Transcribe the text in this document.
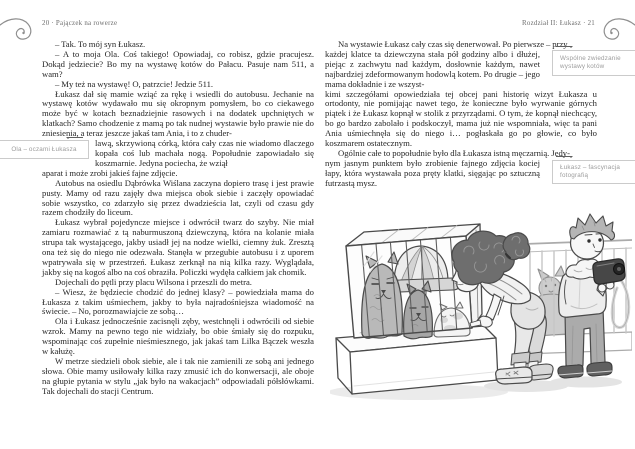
20 · Pajączek na rowerze	Rozdział II: Łukasz · 21

– Tak. To mój syn Łukasz.

– A to moja Ola. Coś takiego! Opowiadaj, co robisz, gdzie pracujesz. Dokąd jedziecie? Bo my na wystawę kotów do Pałacu. Pasuje nam 511, a wam?

– My też na wystawę! O, patrzcie! Jedzie 511.

Łukasz dał się mamie wziąć za rękę i wsiedli do autobusu. Jechanie na wystawę kotów wydawało mu się okropnym pomysłem, bo co ciekawego może być w kotach beznadziejnie rasowych i na dodatek upchniętych w klatkach? Samo chodzenie z mamą po tak nudnej wystawie było prawie nie do zniesienia, a teraz jeszcze jakaś tam Ania, i to z chuder-

lawą, skrzywioną córką, która cały czas nie wiadomo dlaczego kopała coś lub machała nogą. Popołudnie zapowiadało się koszmarnie. Jedyna pociecha, że wziął
Ola – oczami Łukasza

aparat i może zrobi jakieś fajne zdjęcie.

Autobus na osiedlu Dąbrówka Wiślana zaczyna dopiero trasę i jest prawie pusty. Mamy od razu zajęły dwa miejsca obok siebie i zaczęły opowiadać sobie wszystko, co zdarzyło się przez dwadzieścia lat, czyli od czasu gdy razem chodziły do liceum.

Łukasz wybrał pojedyncze miejsce i odwrócił twarz do szyby. Nie miał zamiaru rozmawiać z tą naburmuszoną dziewczyną, która na kolanie miała strupa tak wystającego, jakby usiadł jej na nodze wielki, ciemny żuk. Zresztą ona też się do niego nie odezwała. Stanęła w przegubie autobusu i z uporem wpatrywała się w przestrzeń. Łukasz zerknął na nią kilka razy. Wyglądała, jakby się na kogoś albo na coś obraziła. Policzki wydęła całkiem jak chomik.

Dojechali do pętli przy placu Wilsona i przeszli do metra.

– Wiesz, że będziecie chodzić do jednej klasy? – powiedziała mama do Łukasza z takim uśmiechem, jakby to była najradośniejsza wiadomość na świecie. – No, porozmawiajcie ze sobą…

Ola i Łukasz jednocześnie zacisnęli zęby, westchnęli i odwrócili od siebie wzrok. Mamy na pewno tego nie widziały, bo obie śmiały się do rozpuku, wspominając coś zupełnie nieśmiesznego, jak jakaś tam Lilka Bączek weszła w kałużę.

W metrze siedzieli obok siebie, ale i tak nie zamienili ze sobą ani jednego słowa. Obie mamy usiłowały kilka razy zmusić ich do konwersacji, ale oboje na głupie pytania w stylu „jak było na wakacjach” odpowiadali półsłówkami. Tak dojechali do stacji Centrum.

Na wystawie Łukasz cały czas się denerwował. Po pierwsze – przy

każdej klatce ta dziewczyna stała pół godziny albo i dłużej, piejąc z zachwytu nad każdym, dosłownie każdym, nawet najbardziej zdeformowanym hodowlą kotem. Po drugie – jego mama dokładnie i ze wszyst-
Wspólne zwiedzanie wystawy kotów

kimi szczegółami opowiedziała tej obcej pani historię wizyt Łukasza u ortodonty, nie pomijając nawet tego, że konieczne było wyrwanie górnych piątek i że Łukasz kopnął w stolik z przyrządami. O tym, że kopnął niechcący, bo go bardzo zabolało i podskoczył, mama już nie wspomniała, więc ta pani Ania uśmiechnęła się do niego i… pogłaskała go po głowie, co było koszmarem ostatecznym.

Ogólnie całe to popołudnie było dla Łukasza istną męczarnią. Jedy-

nym jasnym punktem było zrobienie fajnego zdjęcia kociej łapy, która wystawała poza pręty klatki, sięgając po sztuczną futrzastą mysz.
Łukasz – fascynacja fotografią
